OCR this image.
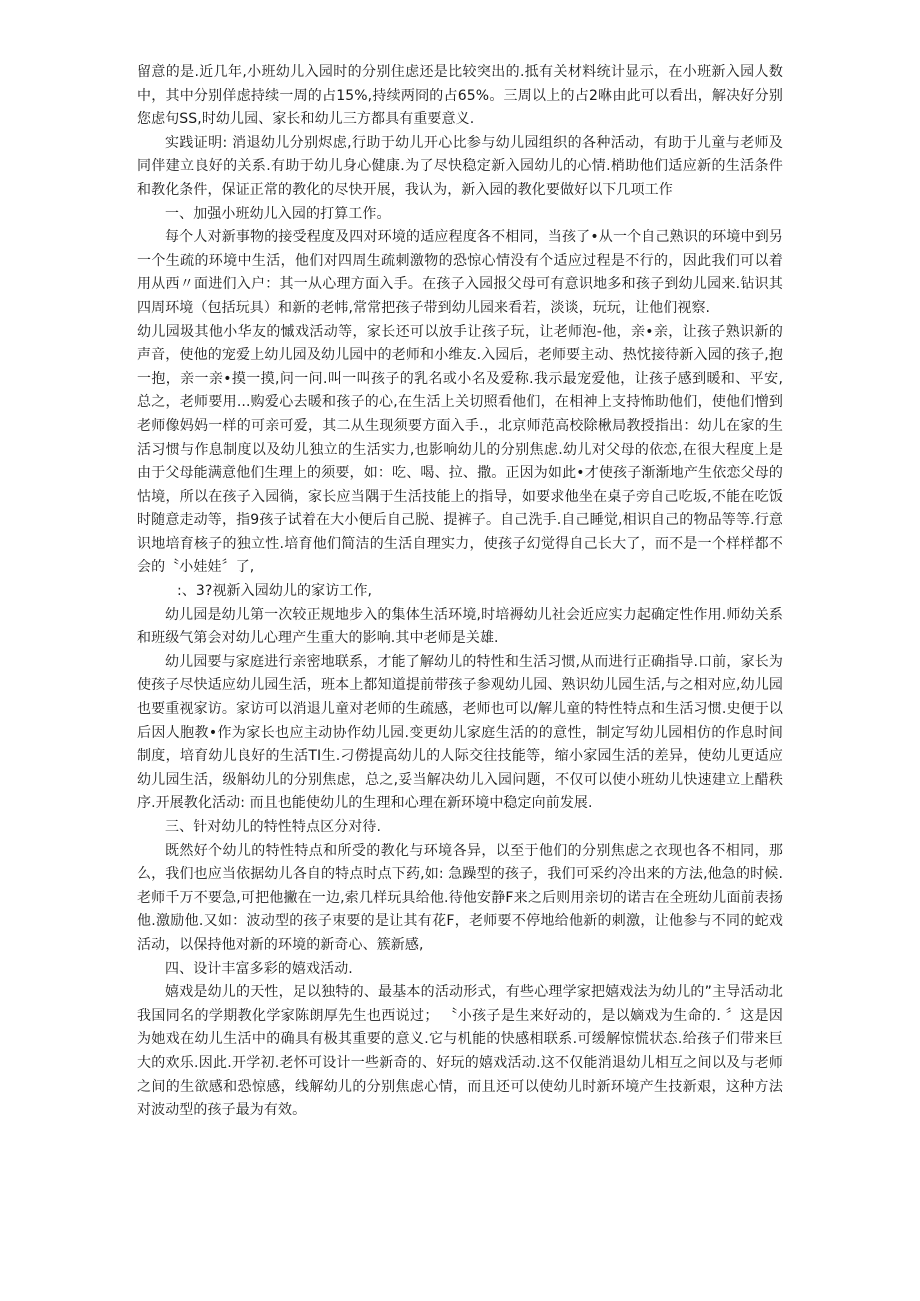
留意的是.近几年,小班幼儿入园时的分别住虑还是比较突出的.抵有关材料统计显示，在小班新入园人数中，其中分别佯虑持续一周的占15%,持续两冏的占65%。三周以上的占2咻由此可以看出，解决好分别您虑句SS,时幼儿园、家长和幼儿三方都具有重要意义.

实践证明: 消退幼儿分别烬虑,行助于幼儿开心比参与幼儿园组织的各种活动，有助于儿童与老师及同伴建立良好的关系.有助于幼儿身心健康.为了尽快稳定新入园幼儿的心情.梢助他们适应新的生活条件和教化条件，保证正常的教化的尽快开展，我认为，新入园的教化要做好以下几项工作

一、加强小班幼儿入园的打算工作。

每个人对新事物的接受程度及四对环境的适应程度各不相同，当孩了•从一个自己熟识的环境中到另一个生疏的环境中生活，他们对四周生疏刺激物的恐惊心情没有个适应过程是不行的，因此我们可以着用从西〃面进们入户：其一从心理方面入手。在孩子入园报父母可有意识地多和孩子到幼儿园来.钻识其四周环境（包括玩具）和新的老帏,常常把孩子带到幼儿园来看若，淡谈，玩玩，让他们视察.

幼儿园圾其他小华友的慽戏活动等，家长还可以放手让孩子玩，让老师泡-他，亲•亲，让孩子熟识新的声音，使他的宠爱上幼儿园及幼儿园中的老师和小维友.入园后，老师要主动、热忱接待新入园的孩子,抱一抱，亲一亲•摸一摸,问一问.叫一叫孩子的乳名或小名及爱称.我示最宠爱他，让孩子感到暖和、平安,总之，老师要用...购爱心去暖和孩子的心,在生活上关切照看他们，在相神上支持怖助他们，使他们憎到老师像妈妈一样的可亲可爱，其二从生现须要方面入手.，北京师范高校除楸局教授指出：幼儿在家的生活习惯与作息制度以及幼儿独立的生活实力,也影响幼儿的分别焦虑.幼儿对父母的依恋,在很大程度上是由于父母能满意他们生理上的须要，如：吃、喝、拉、撒。正因为如此•才使孩子渐渐地产生依恋父母的怙境，所以在孩子入园徜，家长应当隅于生活技能上的指导，如要求他坐在桌子旁自己吃坂,不能在吃饭时随意走动等，指9孩子试着在大小便后自己脱、提裤子。自己洗手.自己睡觉,相识自己的物品等等.行意识地培育核子的独立性.培育他们简洁的生活自理实力，使孩子幻觉得自己长大了，而不是一个样样都不会的〝小娃娃〞了,

:、3?视新入园幼儿的家访工作,

幼儿园是幼儿第一次较正规地步入的集体生活环境,时培褥幼儿社会近应实力起确定性作用.师幼关系和班级气第会对幼儿心理产生重大的影响.其中老师是关雄.

幼儿园要与家庭进行亲密地联系，才能了解幼儿的特性和生活习惯,从而进行正确指导.口前，家长为使孩子尽快适应幼儿园生活，班本上都知道提前带孩子参观幼儿园、熟识幼儿园生活,与之相对应,幼儿园也要重视家访。家访可以消退儿童对老师的生疏感，老师也可以/解儿童的特性特点和生活习惯.史便于以后因人胞教•作为家长也应主动协作幼儿园.变更幼儿家庭生活的的意性，制定写幼儿园相仿的作息时间制度，培育幼儿良好的生活TI生.刁僗提高幼儿的人际交往技能等，缩小家园生活的差异，使幼儿更适应幼儿园生活，级斛幼儿的分别焦虑，总之,妥当解决幼儿入园问题，不仅可以使小班幼儿快速建立上醋秩序.开展教化活动: 而且也能使幼儿的生理和心理在新环境中稳定向前发展.

三、针对幼儿的特性特点区分对待.

既然好个幼儿的特性特点和所受的教化与环境各异，以至于他们的分别焦虑之衣现也各不相同，那么，我们也应当依据幼儿各自的特点时点下药,如: 急躁型的孩子，我们可采约冷出来的方法,他急的时候.老师千万不要急,可把他撇在一边,索几样玩具给他.待他安静F来之后则用亲切的诺吉在全班幼儿面前表扬他.激励他.又如：波动型的孩子朿要的是让其有花F，老师要不停地给他新的刺激，让他参与不同的蛇戏活动，以保持他对新的环境的新奇心、簇新感,

四、设计丰富多彩的嬉戏活动.

嬉戏是幼儿的天性，足以独特的、最基本的活动形式，有些心理学家把嬉戏法为幼儿的”主导活动北我国同名的学期教化学家陈朗厚先生也西说过； 〝小孩子是生来好动的，是以嫡戏为生命的. 〞这是因为她戏在幼儿生活中的确具有极其重要的意义.它与机能的快感相联系.可缓解惊慌状态.给孩子们带来巨大的欢乐.因此.开学初.老怀可设计一些新奇的、好玩的嬉戏活动.这不仅能消退幼儿相互之间以及与老师之间的生欲感和恐惊感，线解幼儿的分别焦虑心情，而且还可以使幼儿时新环境产生技新艰，这种方法对波动型的孩子最为有效。
